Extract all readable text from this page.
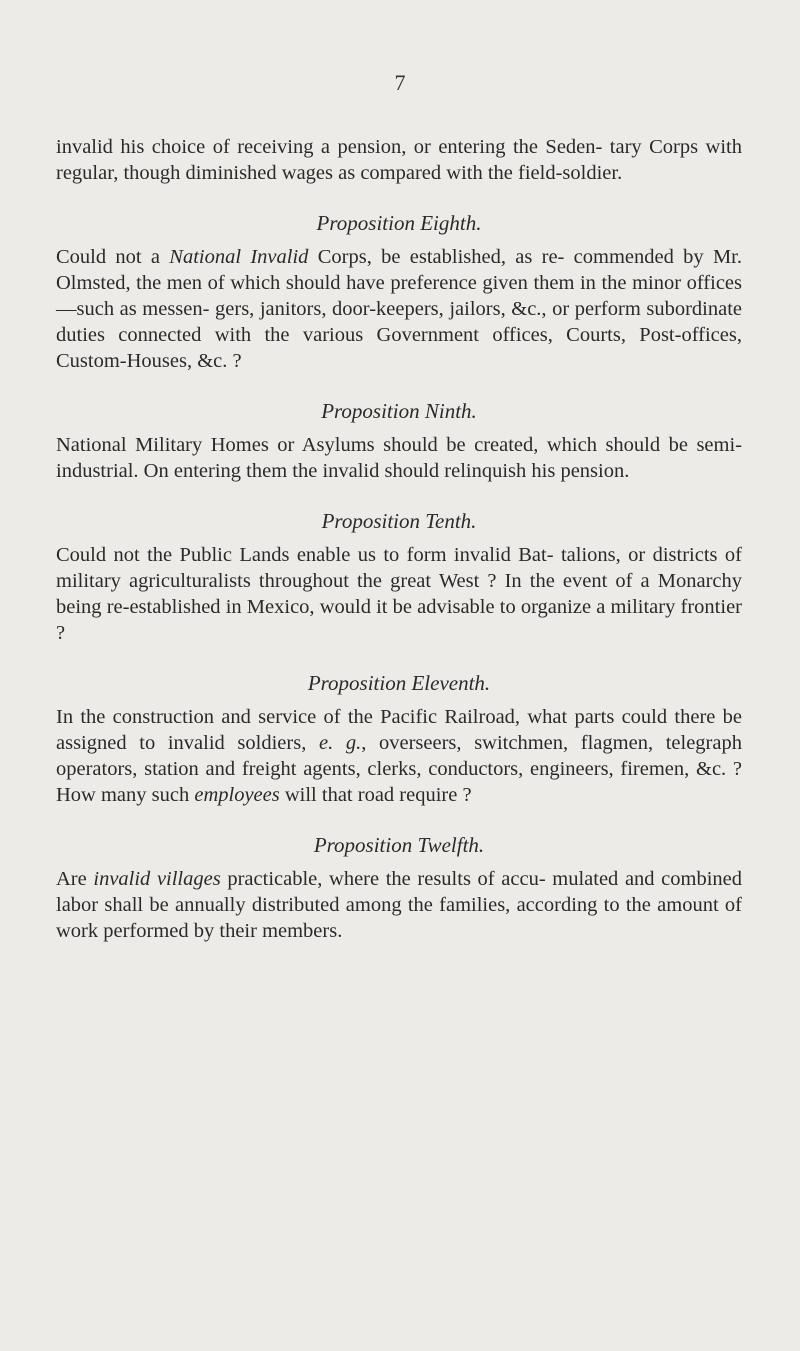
7

invalid his choice of receiving a pension, or entering the Seden- tary Corps with regular, though diminished wages as compared with the field-soldier.

Proposition Eighth.

Could not a National Invalid Corps, be established, as re- commended by Mr. Olmsted, the men of which should have preference given them in the minor offices—such as messen- gers, janitors, door-keepers, jailors, &c., or perform subordinate duties connected with the various Government offices, Courts, Post-offices, Custom-Houses, &c. ?

Proposition Ninth.

National Military Homes or Asylums should be created, which should be semi-industrial. On entering them the invalid should relinquish his pension.

Proposition Tenth.

Could not the Public Lands enable us to form invalid Bat- talions, or districts of military agriculturalists throughout the great West ? In the event of a Monarchy being re-established in Mexico, would it be advisable to organize a military frontier ?

Proposition Eleventh.

In the construction and service of the Pacific Railroad, what parts could there be assigned to invalid soldiers, e. g., overseers, switchmen, flagmen, telegraph operators, station and freight agents, clerks, conductors, engineers, firemen, &c. ? How many such employees will that road require ?

Proposition Twelfth.

Are invalid villages practicable, where the results of accu- mulated and combined labor shall be annually distributed among the families, according to the amount of work performed by their members.
